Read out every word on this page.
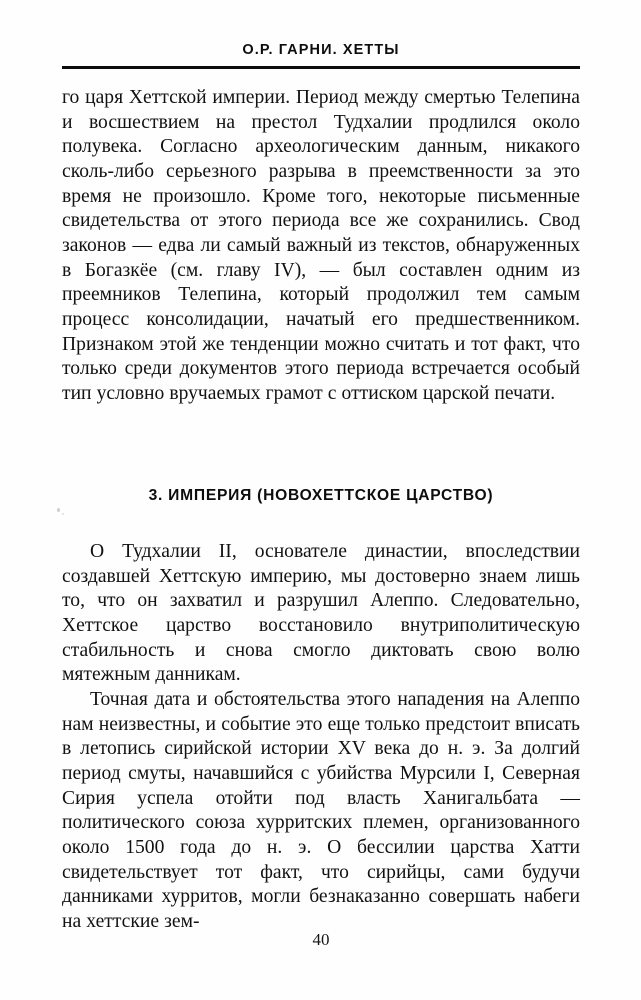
О.Р. ГАРНИ. ХЕТТЫ

го царя Хеттской империи. Период между смертью Телепина и восшествием на престол Тудхалии продлился около полувека. Согласно археологическим данным, никакого сколь-либо серьезного разрыва в преемственности за это время не произошло. Кроме того, некоторые письменные свидетельства от этого периода все же сохранились. Свод законов — едва ли самый важный из текстов, обнаруженных в Богазкёе (см. главу IV), — был составлен одним из преемников Телепина, который продолжил тем самым процесс консолидации, начатый его предшественником. Признаком этой же тенденции можно считать и тот факт, что только среди документов этого периода встречается особый тип условно вручаемых грамот с оттиском царской печати.

3. ИМПЕРИЯ (НОВОХЕТТСКОЕ ЦАРСТВО)

О Тудхалии II, основателе династии, впоследствии создавшей Хеттскую империю, мы достоверно знаем лишь то, что он захватил и разрушил Алеппо. Следовательно, Хеттское царство восстановило внутриполитическую стабильность и снова смогло диктовать свою волю мятежным данникам.

Точная дата и обстоятельства этого нападения на Алеппо нам неизвестны, и событие это еще только предстоит вписать в летопись сирийской истории XV века до н. э. За долгий период смуты, начавшийся с убийства Мурсили I, Северная Сирия успела отойти под власть Ханигальбата — политического союза хурритских племен, организованного около 1500 года до н. э. О бессилии царства Хатти свидетельствует тот факт, что сирийцы, сами будучи данниками хурритов, могли безнаказанно совершать набеги на хеттские зем-

40
